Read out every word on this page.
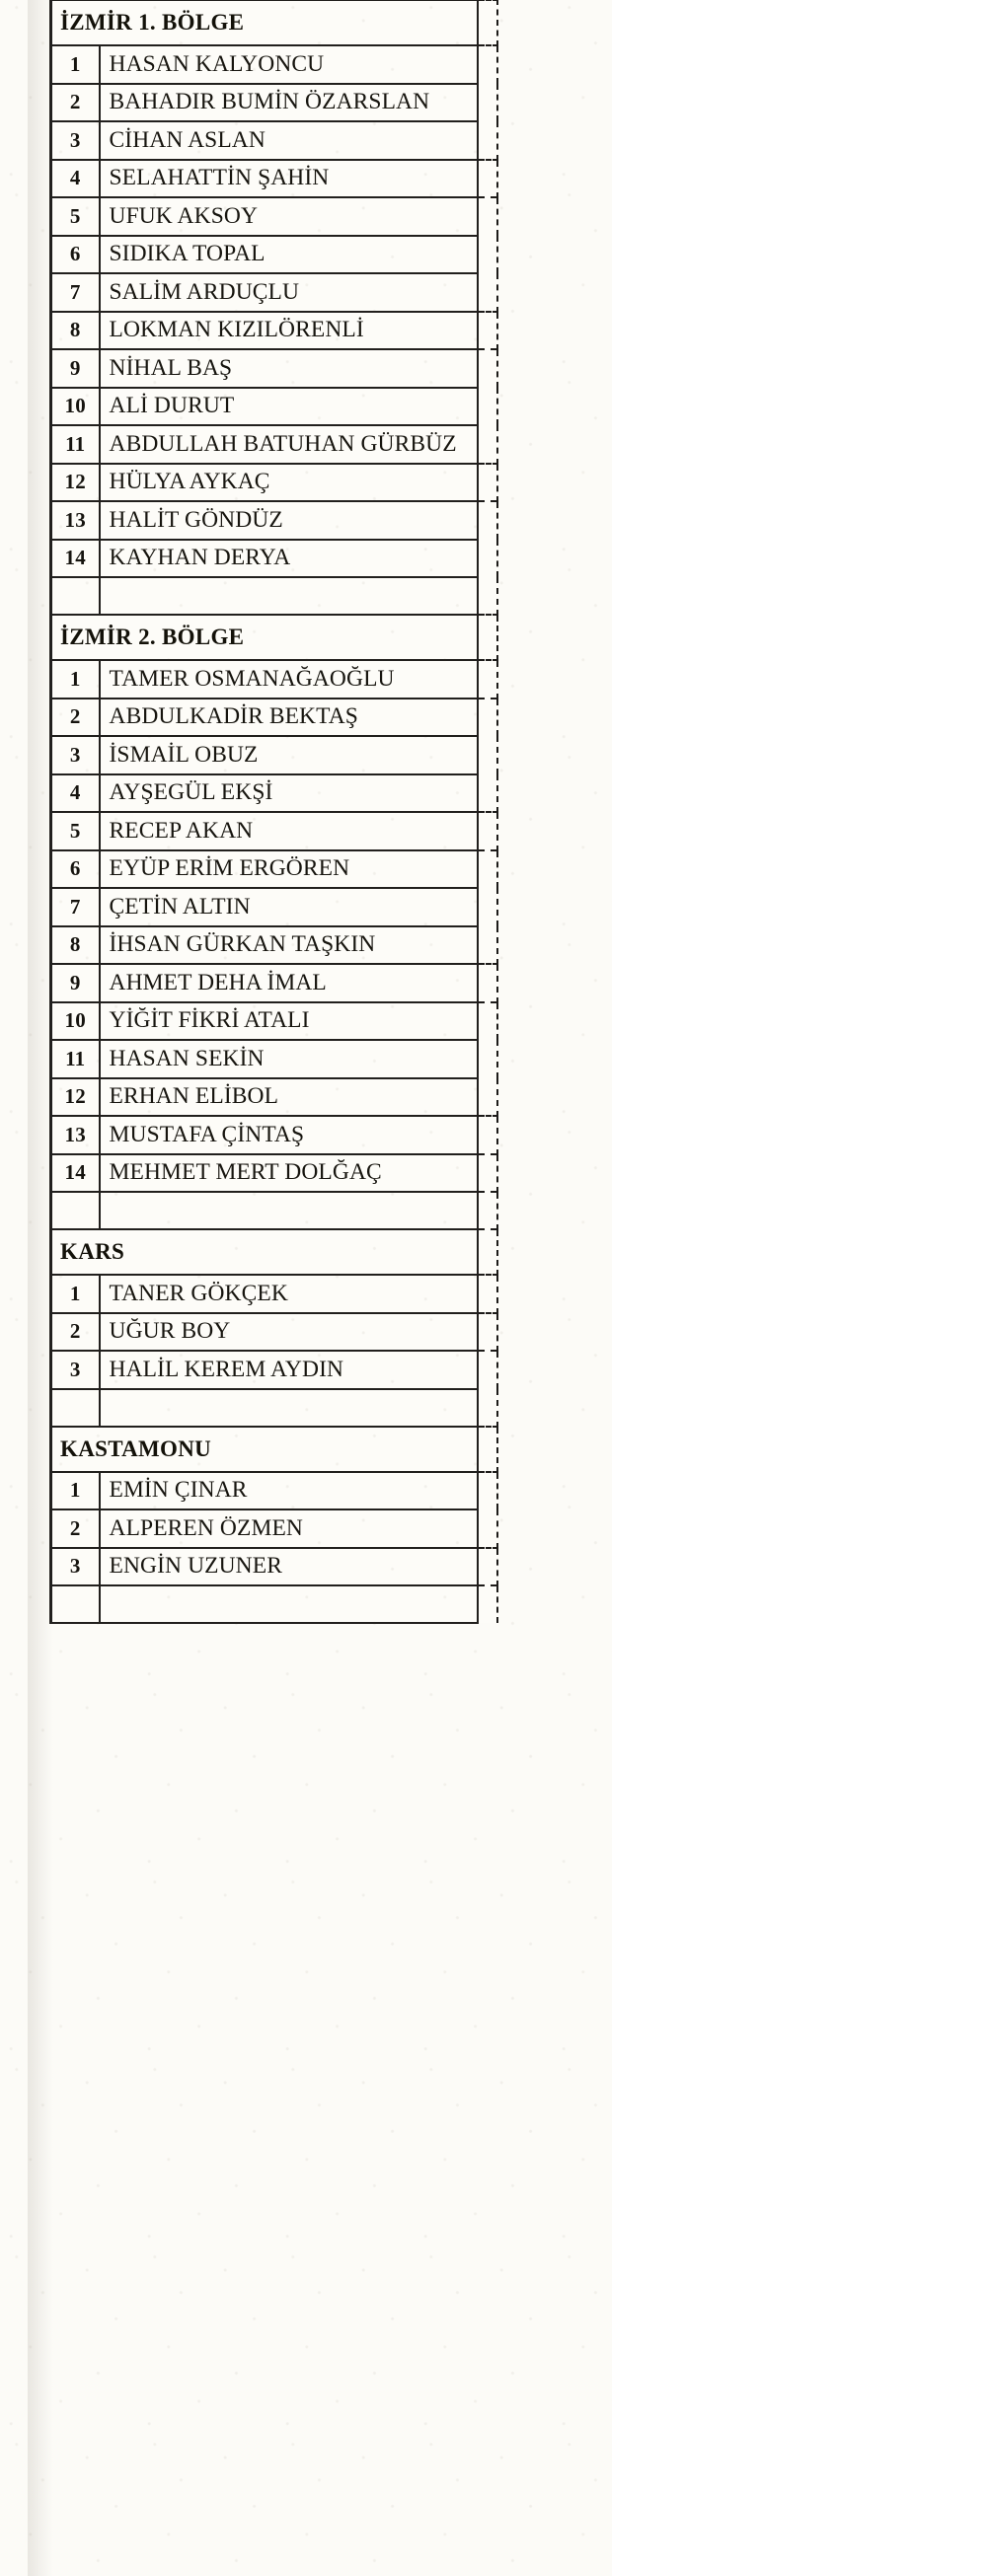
İZMİR 1. BÖLGE		
1	HASAN KALYONCU	
2	BAHADIR BUMİN ÖZARSLAN	
3	CİHAN ASLAN	
4	SELAHATTİN ŞAHİN	
5	UFUK AKSOY	
6	SIDIKA TOPAL	
7	SALİM ARDUÇLU	
8	LOKMAN KIZILÖRENLİ	
9	NİHAL BAŞ	
10	ALİ DURUT	
11	ABDULLAH BATUHAN GÜRBÜZ	
12	HÜLYA AYKAÇ	
13	HALİT GÖNDÜZ	
14	KAYHAN DERYA	

İZMİR 2. BÖLGE		
1	TAMER OSMANAĞAOĞLU	
2	ABDULKADİR BEKTAŞ	
3	İSMAİL OBUZ	
4	AYŞEGÜL EKŞİ	
5	RECEP AKAN	
6	EYÜP ERİM ERGÖREN	
7	ÇETİN ALTIN	
8	İHSAN GÜRKAN TAŞKIN	
9	AHMET DEHA İMAL	
10	YİĞİT FİKRİ ATALI	
11	HASAN SEKİN	
12	ERHAN ELİBOL	
13	MUSTAFA ÇİNTAŞ	
14	MEHMET MERT DOLĞAÇ	

KARS		
1	TANER GÖKÇEK	
2	UĞUR BOY	
3	HALİL KEREM AYDIN	

KASTAMONU		
1	EMİN ÇINAR	
2	ALPEREN ÖZMEN	
3	ENGİN UZUNER	
